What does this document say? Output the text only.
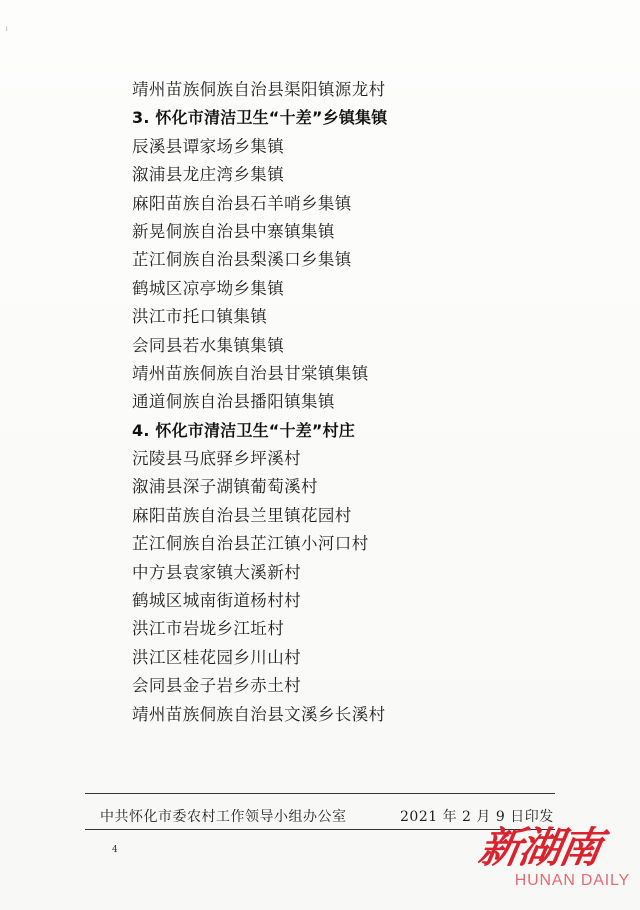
i
靖州苗族侗族自治县渠阳镇源龙村
3. 怀化市清洁卫生“十差”乡镇集镇
辰溪县谭家场乡集镇
溆浦县龙庄湾乡集镇
麻阳苗族自治县石羊哨乡集镇
新晃侗族自治县中寨镇集镇
芷江侗族自治县梨溪口乡集镇
鹤城区凉亭坳乡集镇
洪江市托口镇集镇
会同县若水集镇集镇
靖州苗族侗族自治县甘棠镇集镇
通道侗族自治县播阳镇集镇
4. 怀化市清洁卫生“十差”村庄
沅陵县马底驿乡坪溪村
溆浦县深子湖镇葡萄溪村
麻阳苗族自治县兰里镇花园村
芷江侗族自治县芷江镇小河口村
中方县袁家镇大溪新村
鹤城区城南街道杨村村
洪江市岩垅乡江坵村
洪江区桂花园乡川山村
会同县金子岩乡赤土村
靖州苗族侗族自治县文溪乡长溪村
中共怀化市委农村工作领导小组办公室	2021 年 2 月 9 日印发
4	新湖南
HUNAN DAILY
